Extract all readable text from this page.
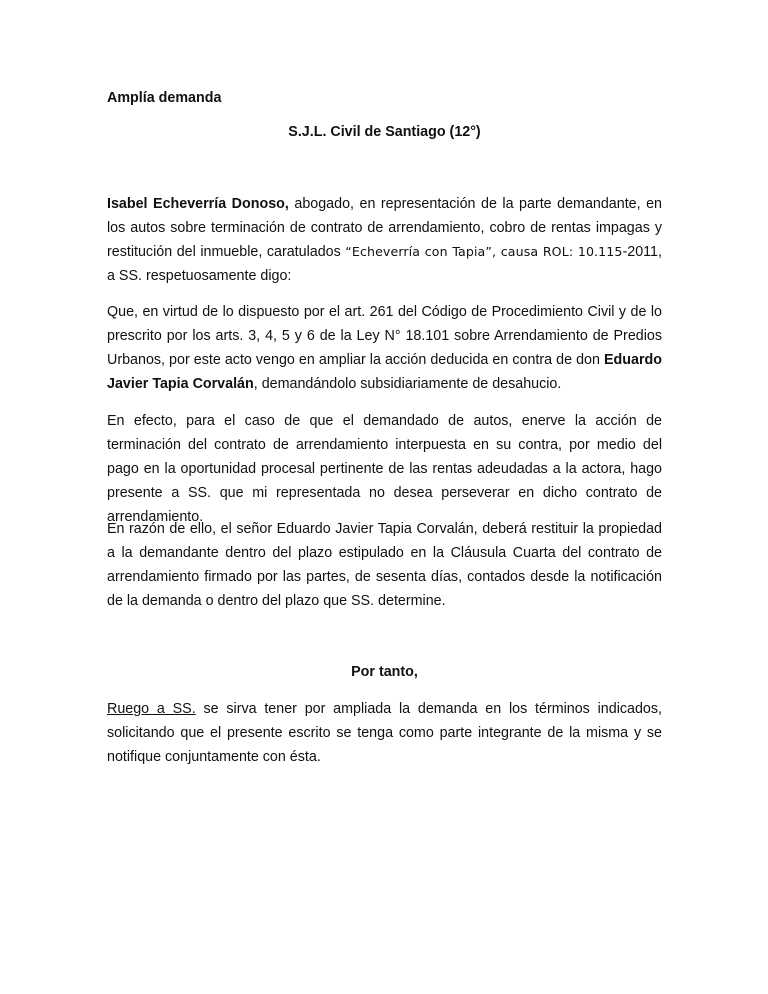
Amplía demanda
S.J.L. Civil de Santiago (12°)
Isabel Echeverría Donoso, abogado, en representación de la parte demandante, en los autos sobre terminación de contrato de arrendamiento, cobro de rentas impagas y restitución del inmueble, caratulados “Echeverría con Tapia”, causa ROL: 10.115-2011, a SS. respetuosamente digo:
Que, en virtud de lo dispuesto por el art. 261 del Código de Procedimiento Civil y de lo prescrito por los arts. 3, 4, 5 y 6 de la Ley N° 18.101 sobre Arrendamiento de Predios Urbanos, por este acto vengo en ampliar la acción deducida en contra de don Eduardo Javier Tapia Corvalán, demandándolo subsidiariamente de desahucio.
En efecto, para el caso de que el demandado de autos, enerve la acción de terminación del contrato de arrendamiento interpuesta en su contra, por medio del pago en la oportunidad procesal pertinente de las rentas adeudadas a la actora, hago presente a SS. que mi representada no desea perseverar en dicho contrato de arrendamiento.
En razón de ello, el señor Eduardo Javier Tapia Corvalán, deberá restituir la propiedad a la demandante dentro del plazo estipulado en la Cláusula Cuarta del contrato de arrendamiento firmado por las partes, de sesenta días, contados desde la notificación de la demanda o dentro del plazo que SS. determine.
Por tanto,
Ruego a SS. se sirva tener por ampliada la demanda en los términos indicados, solicitando que el presente escrito se tenga como parte integrante de la misma y se notifique conjuntamente con ésta.
